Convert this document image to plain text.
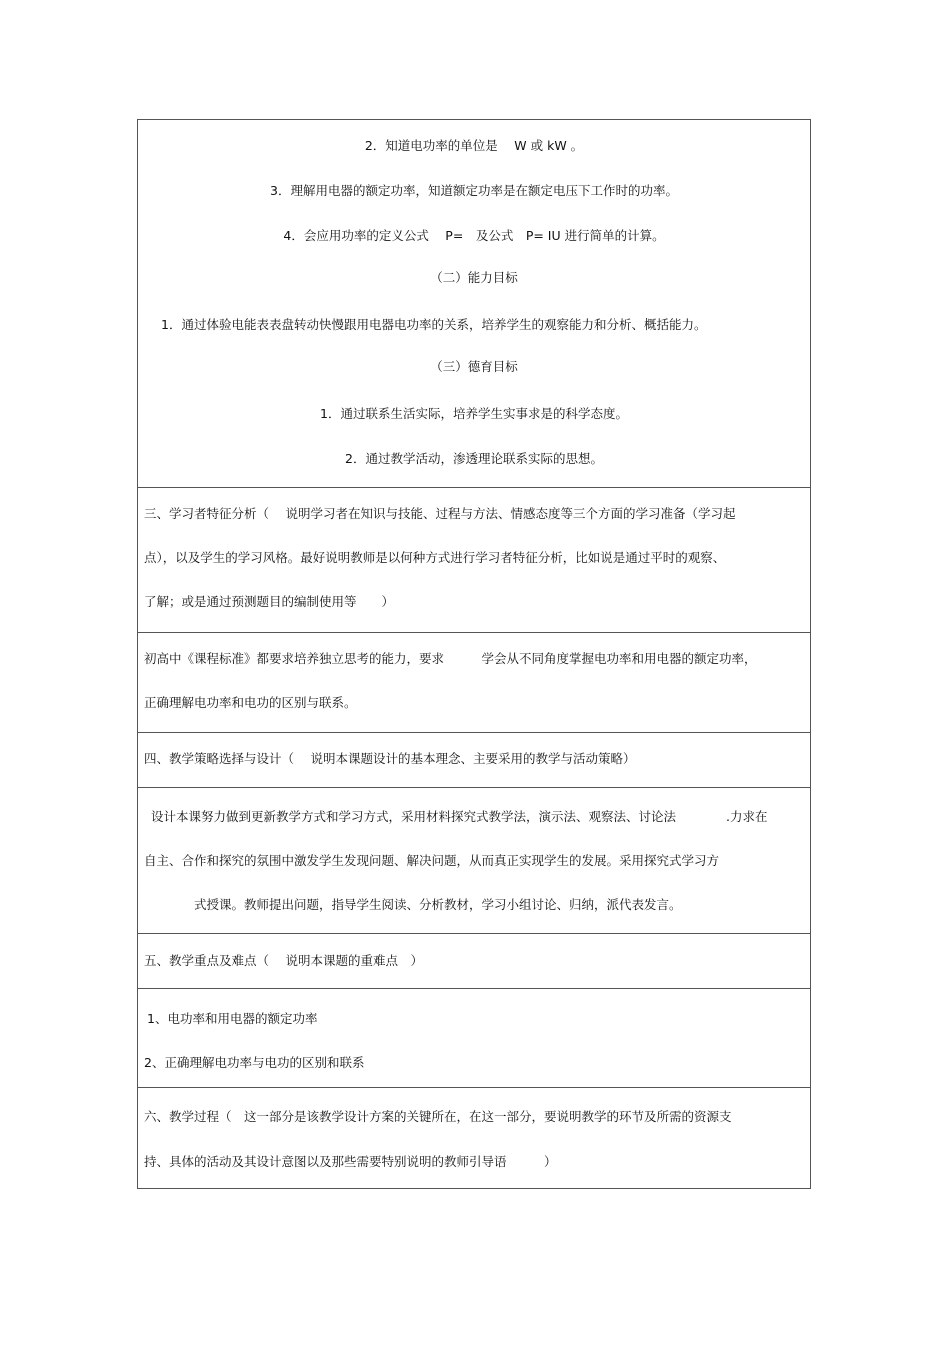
2．知道电功率的单位是　 W 或 kW 。
3．理解用电器的额定功率，知道额定功率是在额定电压下工作时的功率。
4．会应用功率的定义公式　 P=　及公式　P= IU 进行简单的计算。
（二）能力目标
1．通过体验电能表表盘转动快慢跟用电器电功率的关系，培养学生的观察能力和分析、概括能力。
（三）德育目标
1．通过联系生活实际，培养学生实事求是的科学态度。
2．通过教学活动，渗透理论联系实际的思想。
三、学习者特征分析（　 说明学习者在知识与技能、过程与方法、情感态度等三个方面的学习准备（学习起
点），以及学生的学习风格。最好说明教师是以何种方式进行学习者特征分析，比如说是通过平时的观察、
了解；或是通过预测题目的编制使用等　　）
初高中《课程标准》都要求培养独立思考的能力，要求　　　学会从不同角度掌握电功率和用电器的额定功率，
正确理解电功率和电功的区别与联系。
四、教学策略选择与设计（　 说明本课题设计的基本理念、主要采用的教学与活动策略）
设计本课努力做到更新教学方式和学习方式，采用材料探究式教学法，演示法、观察法、讨论法　　　　.力求在
自主、合作和探究的氛围中激发学生发现问题、解决问题，从而真正实现学生的发展。采用探究式学习方
式授课。教师提出问题，指导学生阅读、分析教材，学习小组讨论、归纳，派代表发言。
五、教学重点及难点（　 说明本课题的重难点　）
1、电功率和用电器的额定功率
2、正确理解电功率与电功的区别和联系
六、教学过程（　这一部分是该教学设计方案的关键所在，在这一部分，要说明教学的环节及所需的资源支
持、具体的活动及其设计意图以及那些需要特别说明的教师引导语　　　）
